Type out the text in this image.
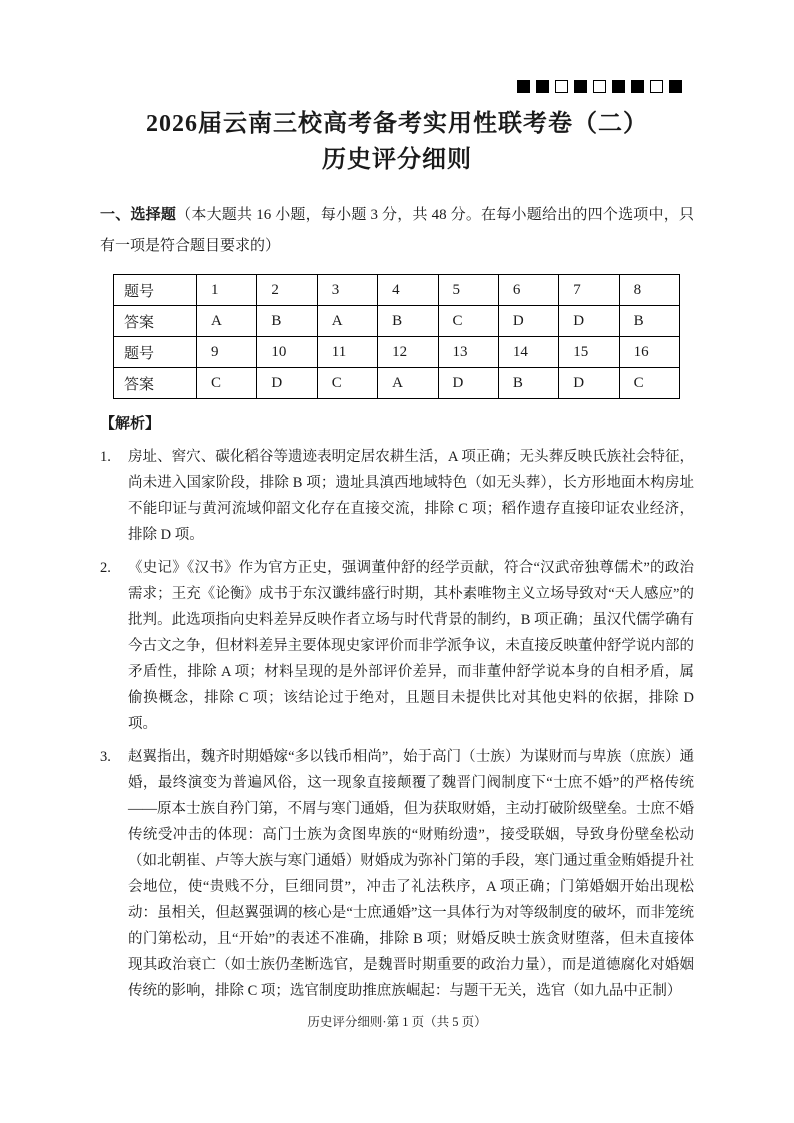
2026届云南三校高考备考实用性联考卷（二）
历史评分细则

一、选择题（本大题共 16 小题，每小题 3 分，共 48 分。在每小题给出的四个选项中，只有一项是符合题目要求的）

题号	1	2	3	4	5	6	7	8
答案	A	B	A	B	C	D	D	B
题号	9	10	11	12	13	14	15	16
答案	C	D	C	A	D	B	D	C

【解析】

1.	房址、窖穴、碳化稻谷等遗迹表明定居农耕生活，A 项正确；无头葬反映氏族社会特征，尚未进入国家阶段，排除 B 项；遗址具滇西地域特色（如无头葬），长方形地面木构房址不能印证与黄河流域仰韶文化存在直接交流，排除 C 项；稻作遗存直接印证农业经济，排除 D 项。
2.	《史记》《汉书》作为官方正史，强调董仲舒的经学贡献，符合“汉武帝独尊儒术”的政治需求；王充《论衡》成书于东汉谶纬盛行时期，其朴素唯物主义立场导致对“天人感应”的批判。此选项指向史料差异反映作者立场与时代背景的制约，B 项正确；虽汉代儒学确有今古文之争，但材料差异主要体现史家评价而非学派争议，未直接反映董仲舒学说内部的矛盾性，排除 A 项；材料呈现的是外部评价差异，而非董仲舒学说本身的自相矛盾，属偷换概念，排除 C 项；该结论过于绝对，且题目未提供比对其他史料的依据，排除 D 项。
3.	赵翼指出，魏齐时期婚嫁“多以钱币相尚”，始于高门（士族）为谋财而与卑族（庶族）通婚，最终演变为普遍风俗，这一现象直接颠覆了魏晋门阀制度下“士庶不婚”的严格传统——原本士族自矜门第，不屑与寒门通婚，但为获取财婚，主动打破阶级壁垒。士庶不婚传统受冲击的体现：高门士族为贪图卑族的“财贿纷遗”，接受联姻，导致身份壁垒松动（如北朝崔、卢等大族与寒门通婚）财婚成为弥补门第的手段，寒门通过重金贿婚提升社会地位，使“贵贱不分，巨细同贯”，冲击了礼法秩序，A 项正确；门第婚姻开始出现松动：虽相关，但赵翼强调的核心是“士庶通婚”这一具体行为对等级制度的破坏，而非笼统的门第松动，且“开始”的表述不准确，排除 B 项；财婚反映士族贪财堕落，但未直接体现其政治衰亡（如士族仍垄断选官，是魏晋时期重要的政治力量），而是道德腐化对婚姻传统的影响，排除 C 项；选官制度助推庶族崛起：与题干无关，选官（如九品中正制）
历史评分细则·第 1 页（共 5 页）
